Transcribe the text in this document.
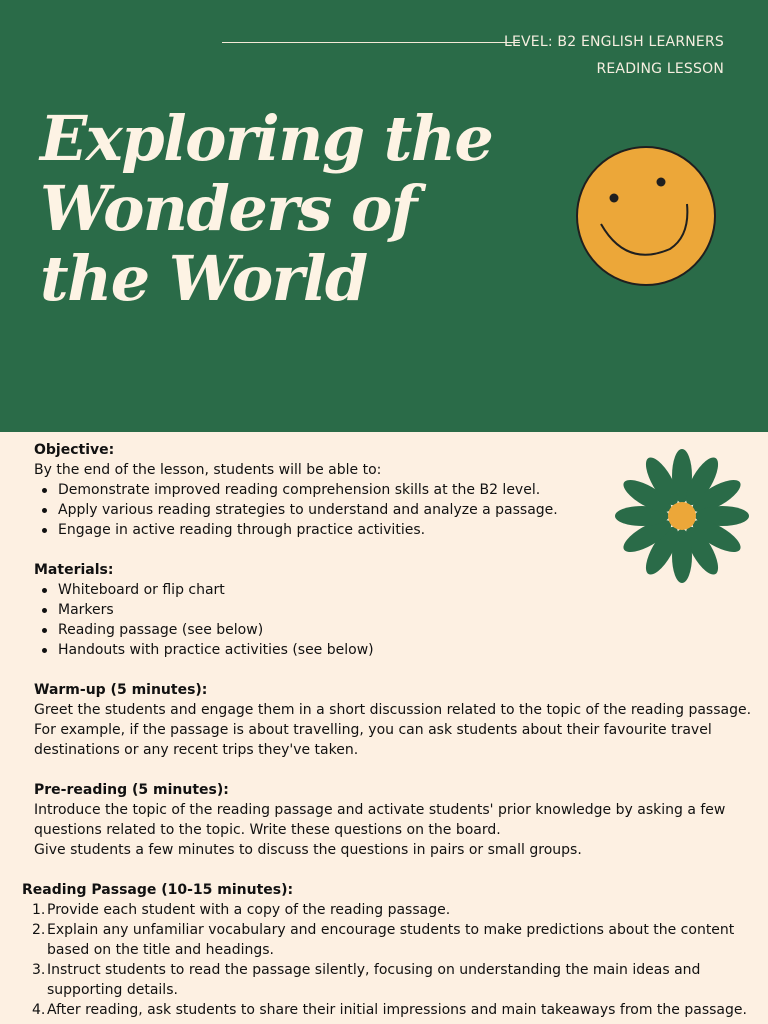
LEVEL: B2 ENGLISH LEARNERS
READING LESSON
Exploring the
Wonders of
the World
Objective:
By the end of the lesson, students will be able to:
Demonstrate improved reading comprehension skills at the B2 level.
Apply various reading strategies to understand and analyze a passage.
Engage in active reading through practice activities.
Materials:
Whiteboard or flip chart
Markers
Reading passage (see below)
Handouts with practice activities (see below)
Warm-up (5 minutes):
Greet the students and engage them in a short discussion related to the topic of the reading passage.
For example, if the passage is about travelling, you can ask students about their favourite travel
destinations or any recent trips they've taken.
Pre-reading (5 minutes):
Introduce the topic of the reading passage and activate students' prior knowledge by asking a few
questions related to the topic. Write these questions on the board.
Give students a few minutes to discuss the questions in pairs or small groups.
Reading Passage (10-15 minutes):
1. Provide each student with a copy of the reading passage.
2. Explain any unfamiliar vocabulary and encourage students to make predictions about the content
based on the title and headings.
3. Instruct students to read the passage silently, focusing on understanding the main ideas and
supporting details.
4. After reading, ask students to share their initial impressions and main takeaways from the passage.
